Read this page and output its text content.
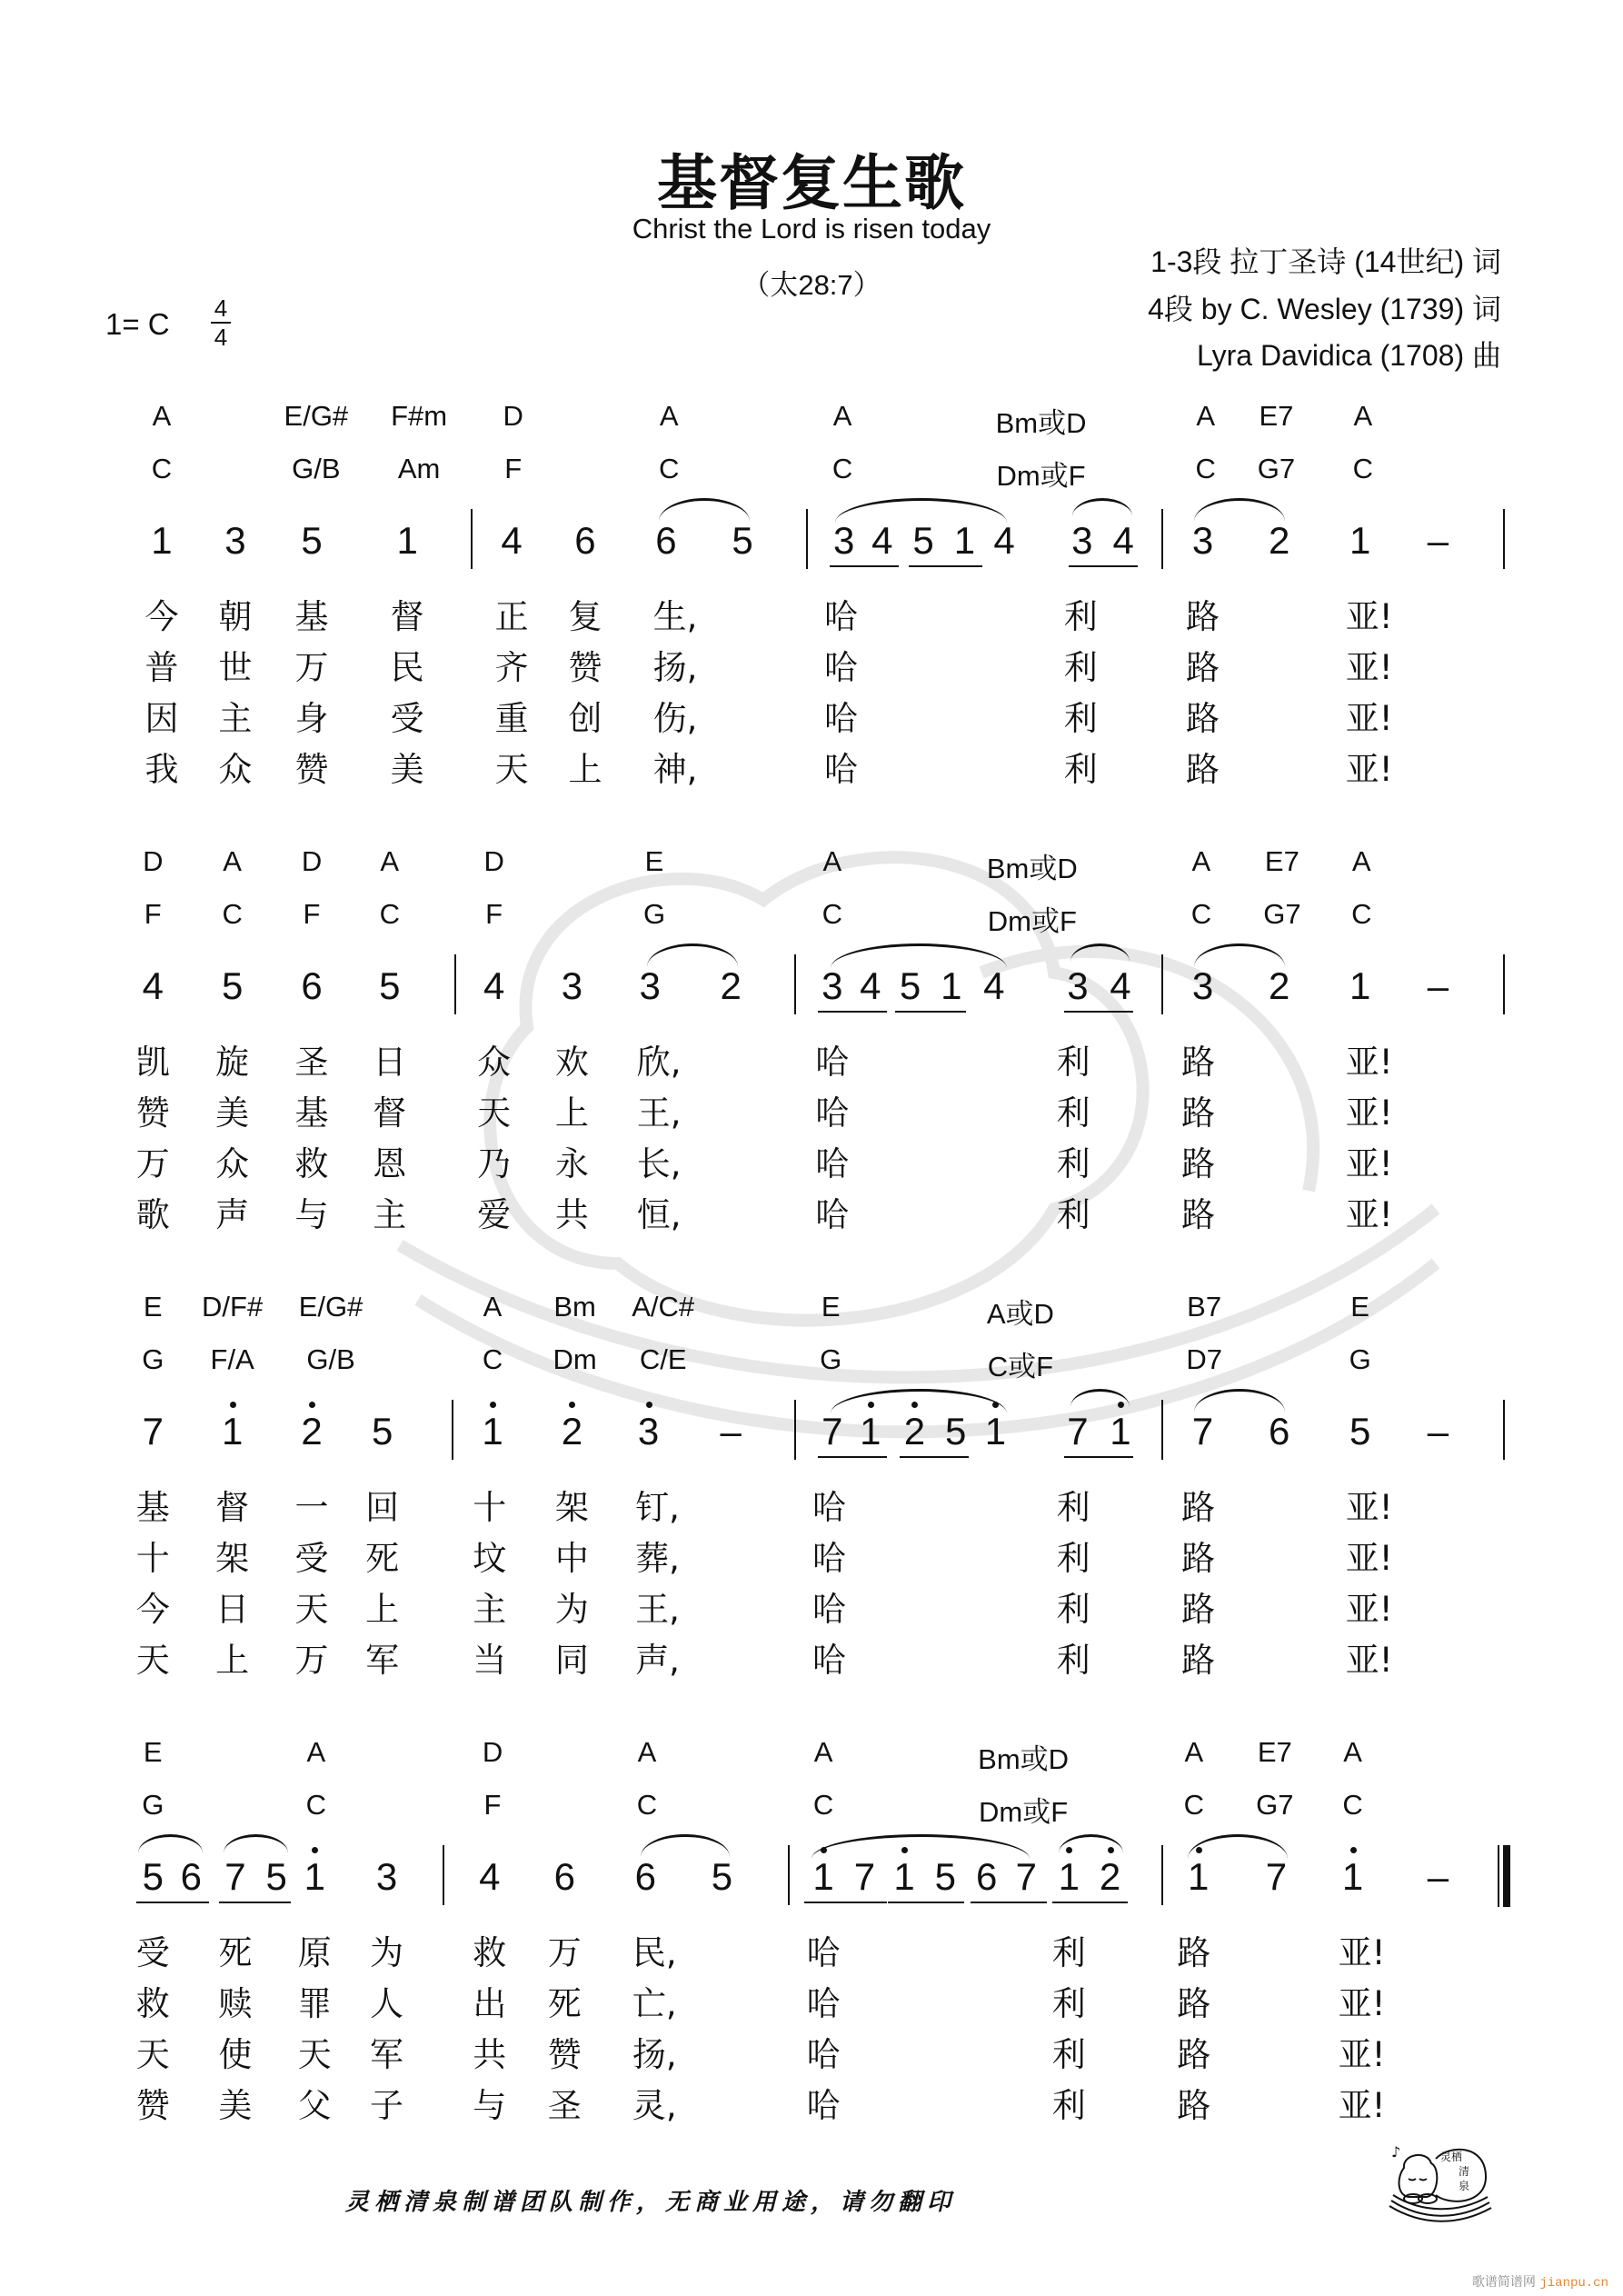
基督复生歌
Christ the Lord is risen today
（太28:7）
1-3段 拉丁圣诗 (14世纪) 词
4段 by C. Wesley (1739) 词
Lyra Davidica (1708) 曲
1= C 4
4
A	E/G# F#m D	A	A	Bm或D	A E7 A
C	G/B Am F	C	C	Dm或F	C G7 C
1 3 5 1 4 6 6 5 3 4 5 1 4 3 4 3 2 1 –
今 朝 基 督 正 复 生,	哈	利	路	亚!
普 世 万 民 齐 赞 扬,	哈	利	路	亚!
因 主 身 受 重 创 伤,	哈	利	路	亚!
我 众 赞 美 天 上 神,	哈	利	路	亚!
D A D A	D	E	A	Bm或D	A E7 A
F C F C	F	G	C	Dm或F	C G7 C
4 5 6 5 4 3 3 2 3 4 5 1 4 3 4 3 2 1 –
凯 旋 圣 日 众 欢 欣,	哈	利	路	亚!
赞 美 基 督 天 上 王,	哈	利	路	亚!
万 众 救 恩 乃 永 长,	哈	利	路	亚!
歌 声 与 主 爱 共 恒,	哈	利	路	亚!
E D/F# E/G#	A Bm A/C#	E	A或D	B7	E
G F/A G/B	C Dm C/E	G	C或F	D7	G
7 1 2 5 1 2 3 – 7 1 2 5 1 7 1 7 6 5 –
基 督 一 回 十 架 钉,	哈	利	路	亚!
十 架 受 死 坟 中 葬,	哈	利	路	亚!
今 日 天 上 主 为 王,	哈	利	路	亚!
天 上 万 军 当 同 声,	哈	利	路	亚!
E	A	D	A	A	Bm或D	A E7 A
G	C	F	C	C	Dm或F	C G7 C
5 6 7 5 1 3 4 6 6 5 1 7 1 5 6 7 1 2 1 7 1 –
受 死 原 为 救 万 民,	哈	利	路	亚!
救 赎 罪 人 出 死 亡,	哈	利	路	亚!
天 使 天 军 共 赞 扬,	哈	利	路	亚!
赞 美 父 子 与 圣 灵,	哈	利	路	亚!
灵栖清泉制谱团队制作，无商业用途，请勿翻印
灵栖
清
泉
♪
歌谱简谱网 jianpu.cn
